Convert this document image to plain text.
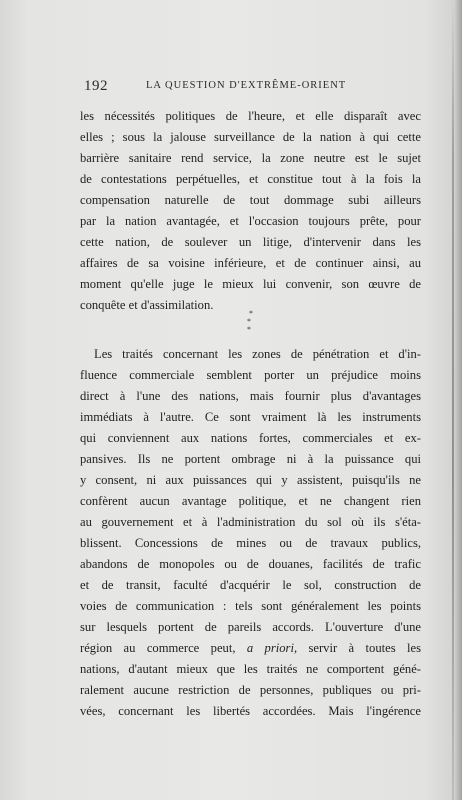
192	LA QUESTION D'EXTRÊME-ORIENT
les nécessités politiques de l'heure, et elle disparaît avec
elles ; sous la jalouse surveillance de la nation à qui cette
barrière sanitaire rend service, la zone neutre est le sujet
de contestations perpétuelles, et constitue tout à la fois la
compensation naturelle de tout dommage subi ailleurs
par la nation avantagée, et l'occasion toujours prête, pour
cette nation, de soulever un litige, d'intervenir dans les
affaires de sa voisine inférieure, et de continuer ainsi, au
moment qu'elle juge le mieux lui convenir, son œuvre de
conquête et d'assimilation.
*
* *
Les traités concernant les zones de pénétration et d'in-
fluence commerciale semblent porter un préjudice moins
direct à l'une des nations, mais fournir plus d'avantages
immédiats à l'autre. Ce sont vraiment là les instruments
qui conviennent aux nations fortes, commerciales et ex-
pansives. Ils ne portent ombrage ni à la puissance qui
y consent, ni aux puissances qui y assistent, puisqu'ils ne
confèrent aucun avantage politique, et ne changent rien
au gouvernement et à l'administration du sol où ils s'éta-
blissent. Concessions de mines ou de travaux publics,
abandons de monopoles ou de douanes, facilités de trafic
et de transit, faculté d'acquérir le sol, construction de
voies de communication : tels sont généralement les points
sur lesquels portent de pareils accords. L'ouverture d'une
région au commerce peut, a priori, servir à toutes les
nations, d'autant mieux que les traités ne comportent géné-
ralement aucune restriction de personnes, publiques ou pri-
vées, concernant les libertés accordées. Mais l'ingérence
